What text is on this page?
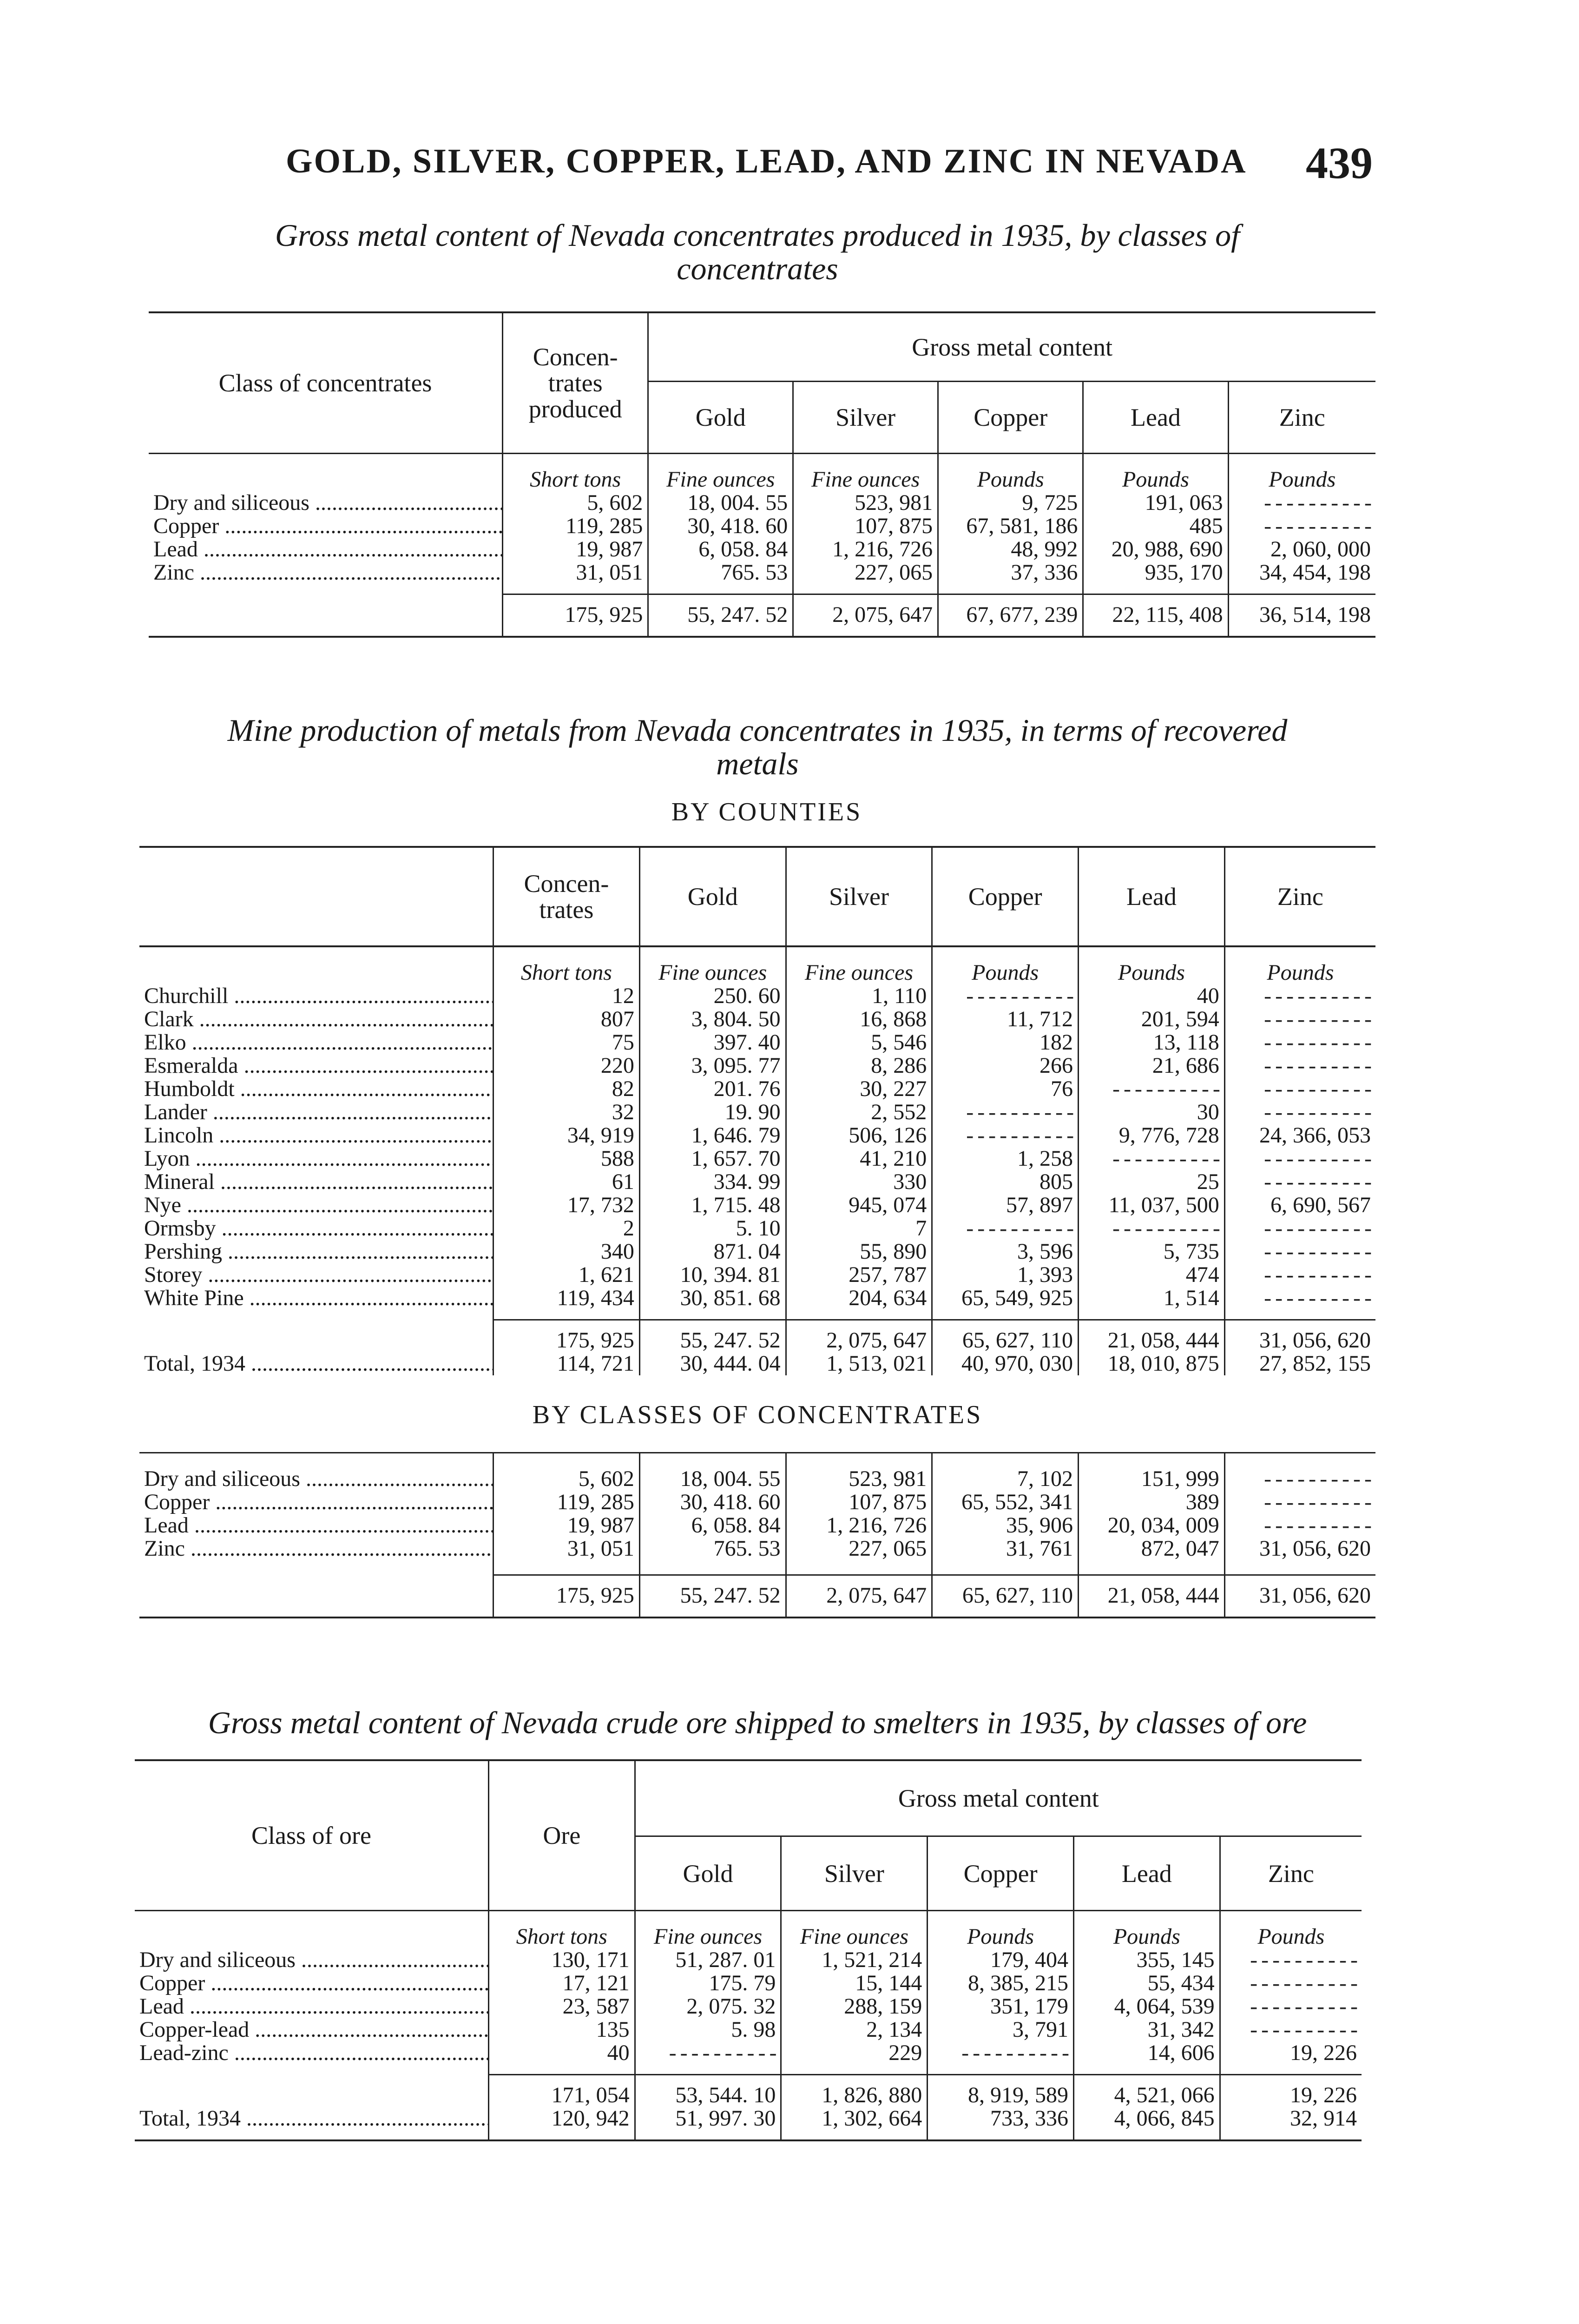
GOLD, SILVER, COPPER, LEAD, AND ZINC IN NEVADA 439
Gross metal content of Nevada concentrates produced in 1935, by classes of
concentrates
Class of concentrates	Concen-trates produced	Gross metal content				
		Gold	Silver	Copper	Lead	Zinc
	Short tons	Fine ounces	Fine ounces	Pounds	Pounds	Pounds
Dry and siliceous .....	5, 602	18, 004. 55	523, 981	9, 725	191, 063	- - -
Copper .....	119, 285	30, 418. 60	107, 875	67, 581, 186	485	- - -
Lead .....	19, 987	6, 058. 84	1, 216, 726	48, 992	20, 988, 690	2, 060, 000
Zinc .....	31, 051	765. 53	227, 065	37, 336	935, 170	34, 454, 198

	175, 925	55, 247. 52	2, 075, 647	67, 677, 239	22, 115, 408	36, 514, 198

Mine production of metals from Nevada concentrates in 1935, in terms of recovered
metals
BY COUNTIES
	Concen-trates	Gold	Silver	Copper	Lead	Zinc
	Short tons	Fine ounces	Fine ounces	Pounds	Pounds	Pounds
Churchill .....	12	250. 60	1, 110	- - -	40	- - -
Clark .....	807	3, 804. 50	16, 868	11, 712	201, 594	- - -
Elko .....	75	397. 40	5, 546	182	13, 118	- - -
Esmeralda .....	220	3, 095. 77	8, 286	266	21, 686	- - -
Humboldt .....	82	201. 76	30, 227	76	- - -	- - -
Lander .....	32	19. 90	2, 552	- - -	30	- - -
Lincoln .....	34, 919	1, 646. 79	506, 126	- - -	9, 776, 728	24, 366, 053
Lyon .....	588	1, 657. 70	41, 210	1, 258	- - -	- - -
Mineral .....	61	334. 99	330	805	25	- - -
Nye .....	17, 732	1, 715. 48	945, 074	57, 897	11, 037, 500	6, 690, 567
Ormsby .....	2	5. 10	7	- - -	- - -	- - -
Pershing .....	340	871. 04	55, 890	3, 596	5, 735	- - -
Storey .....	1, 621	10, 394. 81	257, 787	1, 393	474	- - -
White Pine .....	119, 434	30, 851. 68	204, 634	65, 549, 925	1, 514	- - -

	175, 925	55, 247. 52	2, 075, 647	65, 627, 110	21, 058, 444	31, 056, 620
Total, 1934 .....	114, 721	30, 444. 04	1, 513, 021	40, 970, 030	18, 010, 875	27, 852, 155
BY CLASSES OF CONCENTRATES						

Dry and siliceous .....	5, 602	18, 004. 55	523, 981	7, 102	151, 999	- - -
Copper .....	119, 285	30, 418. 60	107, 875	65, 552, 341	389	- - -
Lead .....	19, 987	6, 058. 84	1, 216, 726	35, 906	20, 034, 009	- - -
Zinc .....	31, 051	765. 53	227, 065	31, 761	872, 047	31, 056, 620

	175, 925	55, 247. 52	2, 075, 647	65, 627, 110	21, 058, 444	31, 056, 620

Gross metal content of Nevada crude ore shipped to smelters in 1935, by classes of ore
Class of ore	Ore	Gross metal content				
		Gold	Silver	Copper	Lead	Zinc
	Short tons	Fine ounces	Fine ounces	Pounds	Pounds	Pounds
Dry and siliceous .....	130, 171	51, 287. 01	1, 521, 214	179, 404	355, 145	- - -
Copper .....	17, 121	175. 79	15, 144	8, 385, 215	55, 434	- - -
Lead .....	23, 587	2, 075. 32	288, 159	351, 179	4, 064, 539	- - -
Copper-lead .....	135	5. 98	2, 134	3, 791	31, 342	- - -
Lead-zinc .....	40	- - -	229	- - -	14, 606	19, 226

	171, 054	53, 544. 10	1, 826, 880	8, 919, 589	4, 521, 066	19, 226
Total, 1934 .....	120, 942	51, 997. 30	1, 302, 664	733, 336	4, 066, 845	32, 914
